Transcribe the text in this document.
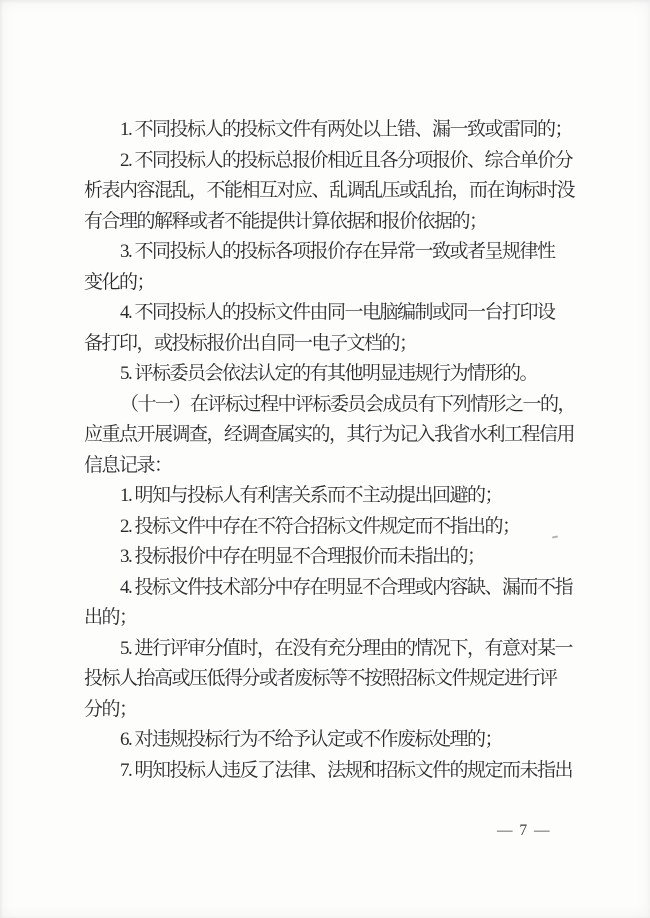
1. 不同投标人的投标文件有两处以上错、漏一致或雷同的；
2. 不同投标人的投标总报价相近且各分项报价、综合单价分
析表内容混乱，不能相互对应、乱调乱压或乱抬，而在询标时没
有合理的解释或者不能提供计算依据和报价依据的；
3. 不同投标人的投标各项报价存在异常一致或者呈规律性
变化的；
4. 不同投标人的投标文件由同一电脑编制或同一台打印设
备打印，或投标报价出自同一电子文档的；
5. 评标委员会依法认定的有其他明显违规行为情形的。
（十一）在评标过程中评标委员会成员有下列情形之一的，
应重点开展调查，经调查属实的，其行为记入我省水利工程信用
信息记录：
1. 明知与投标人有利害关系而不主动提出回避的；
2. 投标文件中存在不符合招标文件规定而不指出的；
3. 投标报价中存在明显不合理报价而未指出的；
4. 投标文件技术部分中存在明显不合理或内容缺、漏而不指
出的；
5. 进行评审分值时，在没有充分理由的情况下，有意对某一
投标人抬高或压低得分或者废标等不按照招标文件规定进行评
分的；
6. 对违规投标行为不给予认定或不作废标处理的；
7. 明知投标人违反了法律、法规和招标文件的规定而未指出
— 7 —
